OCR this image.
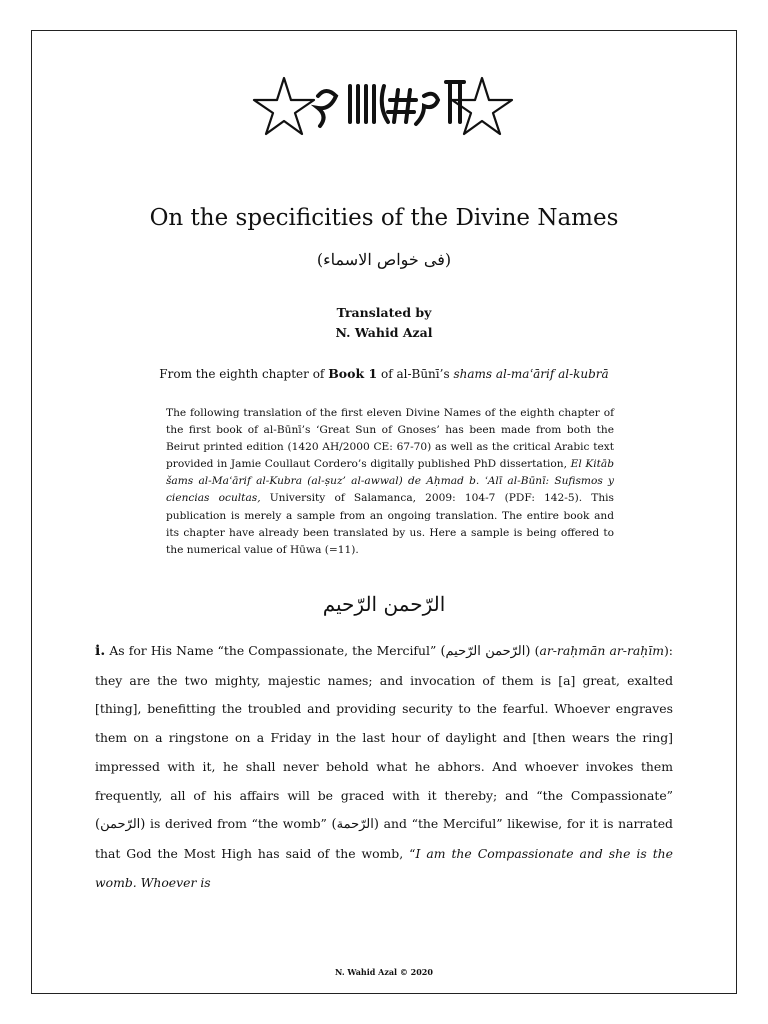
On the specificities of the Divine Names
(فى خواص الاسماء)
Translated by
N. Wahid Azal
From the eighth chapter of Book 1 of al-Būnī’s shams al-maʿārif al-kubrā
The following translation of the first eleven Divine Names of the eighth chapter of the first book of al-Būnī’s ‘Great Sun of Gnoses’ has been made from both the Beirut printed edition (1420 AH/2000 CE: 67-70) as well as the critical Arabic text provided in Jamie Coullaut Cordero’s digitally published PhD dissertation, El Kitāb šams al-Maʿārif al-Kubra (al-ṣuz’ al-awwal) de Aḥmad b. ʿAlī al-Būnī: Sufismos y ciencias ocultas, University of Salamanca, 2009: 104-7 (PDF: 142-5). This publication is merely a sample from an ongoing translation. The entire book and its chapter have already been translated by us. Here a sample is being offered to the numerical value of Hūwa (=11).
الرّحمن الرّحيم

i. As for His Name “the Compassionate, the Merciful” (الرّحمن الرّحيم) (ar-raḥmān ar-raḥīm): they are the two mighty, majestic names; and invocation of them is [a] great, exalted [thing], benefitting the troubled and providing security to the fearful. Whoever engraves them on a ringstone on a Friday in the last hour of daylight and [then wears the ring] impressed with it, he shall never behold what he abhors. And whoever invokes them frequently, all of his affairs will be graced with it thereby; and “the Compassionate” (الرّحمن) is derived from “the womb” (الرّحمة) and “the Merciful” likewise, for it is narrated that God the Most High has said of the womb, “I am the Compassionate and she is the womb. Whoever is

N. Wahid Azal © 2020
